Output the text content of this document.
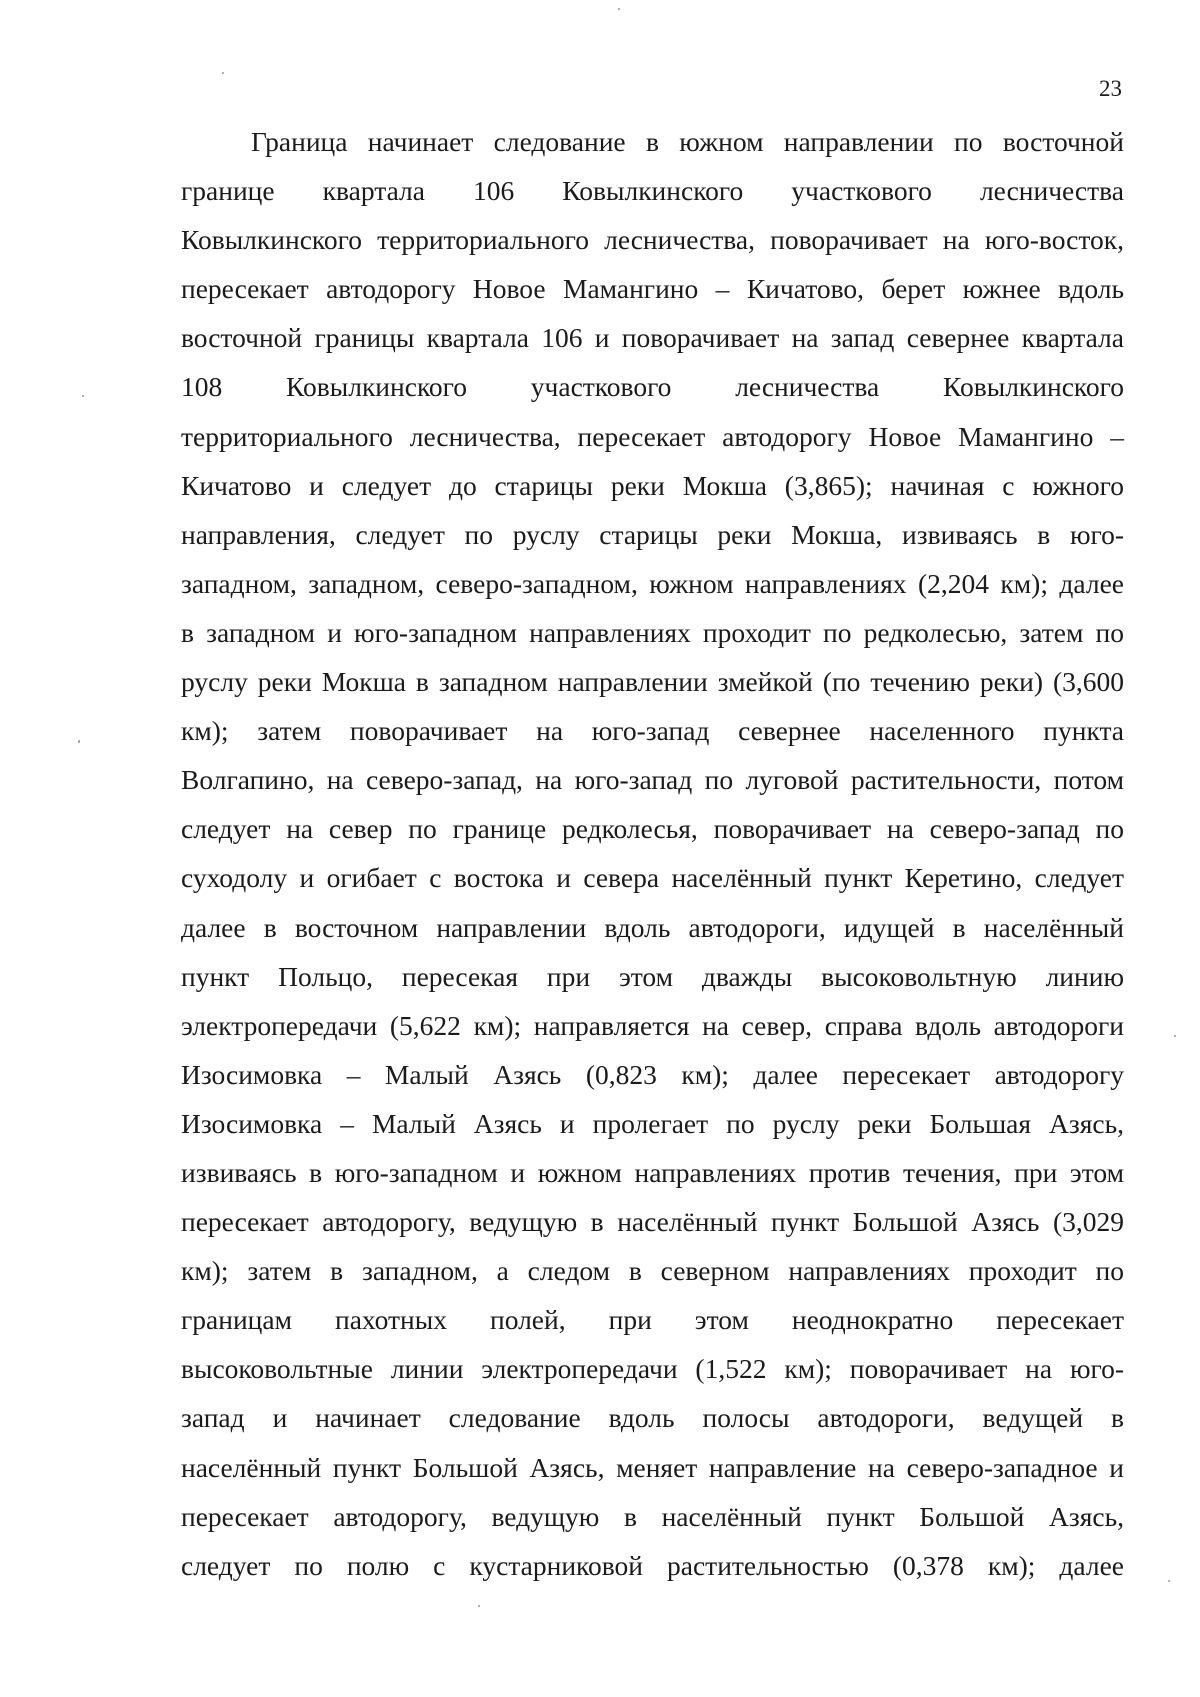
23
Граница начинает следование в южном направлении по восточной
границе квартала 106 Ковылкинского участкового лесничества
Ковылкинского территориального лесничества, поворачивает на юго-восток,
пересекает автодорогу Новое Мамангино – Кичатово, берет южнее вдоль
восточной границы квартала 106 и поворачивает на запад севернее квартала
108 Ковылкинского участкового лесничества Ковылкинского
территориального лесничества, пересекает автодорогу Новое Мамангино –
Кичатово и следует до старицы реки Мокша (3,865); начиная с южного
направления, следует по руслу старицы реки Мокша, извиваясь в юго-
западном, западном, северо-западном, южном направлениях (2,204 км); далее
в западном и юго-западном направлениях проходит по редколесью, затем по
руслу реки Мокша в западном направлении змейкой (по течению реки) (3,600
км); затем поворачивает на юго-запад севернее населенного пункта
Волгапино, на северо-запад, на юго-запад по луговой растительности, потом
следует на север по границе редколесья, поворачивает на северо-запад по
суходолу и огибает с востока и севера населённый пункт Керетино, следует
далее в восточном направлении вдоль автодороги, идущей в населённый
пункт Польцо, пересекая при этом дважды высоковольтную линию
электропередачи (5,622 км); направляется на север, справа вдоль автодороги
Изосимовка – Малый Азясь (0,823 км); далее пересекает автодорогу
Изосимовка – Малый Азясь и пролегает по руслу реки Большая Азясь,
извиваясь в юго-западном и южном направлениях против течения, при этом
пересекает автодорогу, ведущую в населённый пункт Большой Азясь (3,029
км); затем в западном, а следом в северном направлениях проходит по
границам пахотных полей, при этом неоднократно пересекает
высоковольтные линии электропередачи (1,522 км); поворачивает на юго-
запад и начинает следование вдоль полосы автодороги, ведущей в
населённый пункт Большой Азясь, меняет направление на северо-западное и
пересекает автодорогу, ведущую в населённый пункт Большой Азясь,
следует по полю с кустарниковой растительностью (0,378 км); далее
